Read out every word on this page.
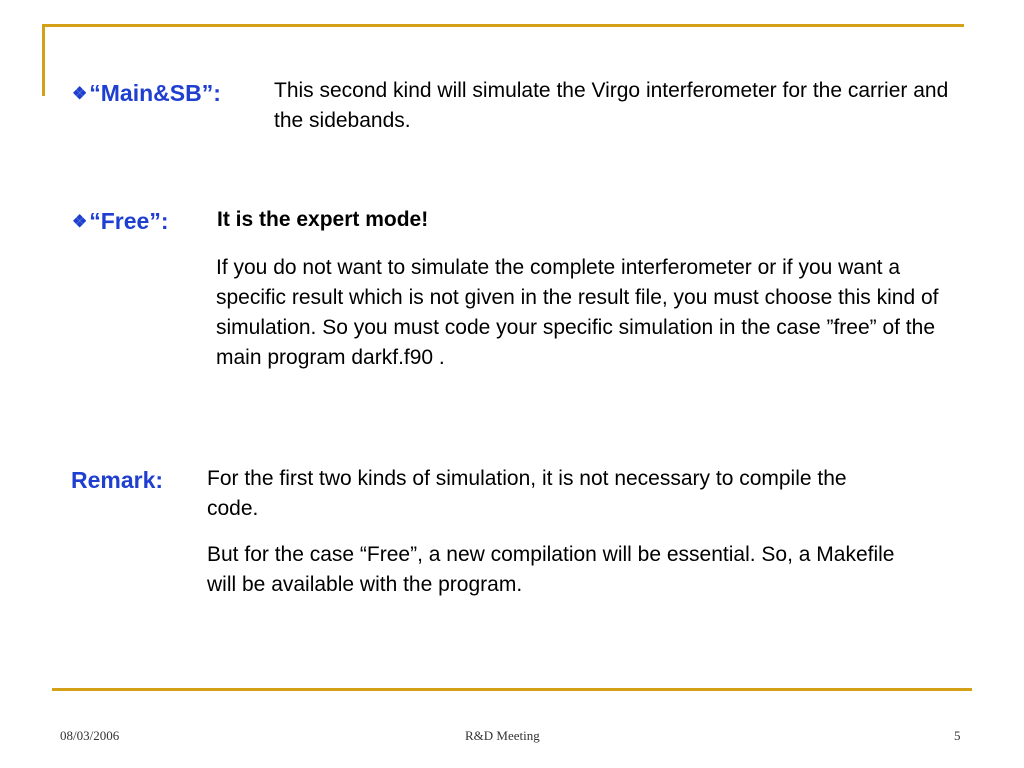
❖“Main&SB”:	This second kind will simulate the Virgo interferometer for the carrier and the sidebands.
❖“Free”: It is the expert mode!
If you do not want to simulate the complete interferometer or if you want a specific result which is not given in the result file, you must choose this kind of simulation. So you must code your specific simulation in the case ”free” of the main program darkf.f90 .
Remark: For the first two kinds of simulation, it is not necessary to compile the code.
But for the case “Free”, a new compilation will be essential. So, a Makefile will be available with the program.
08/03/2006	R&D Meeting	5
